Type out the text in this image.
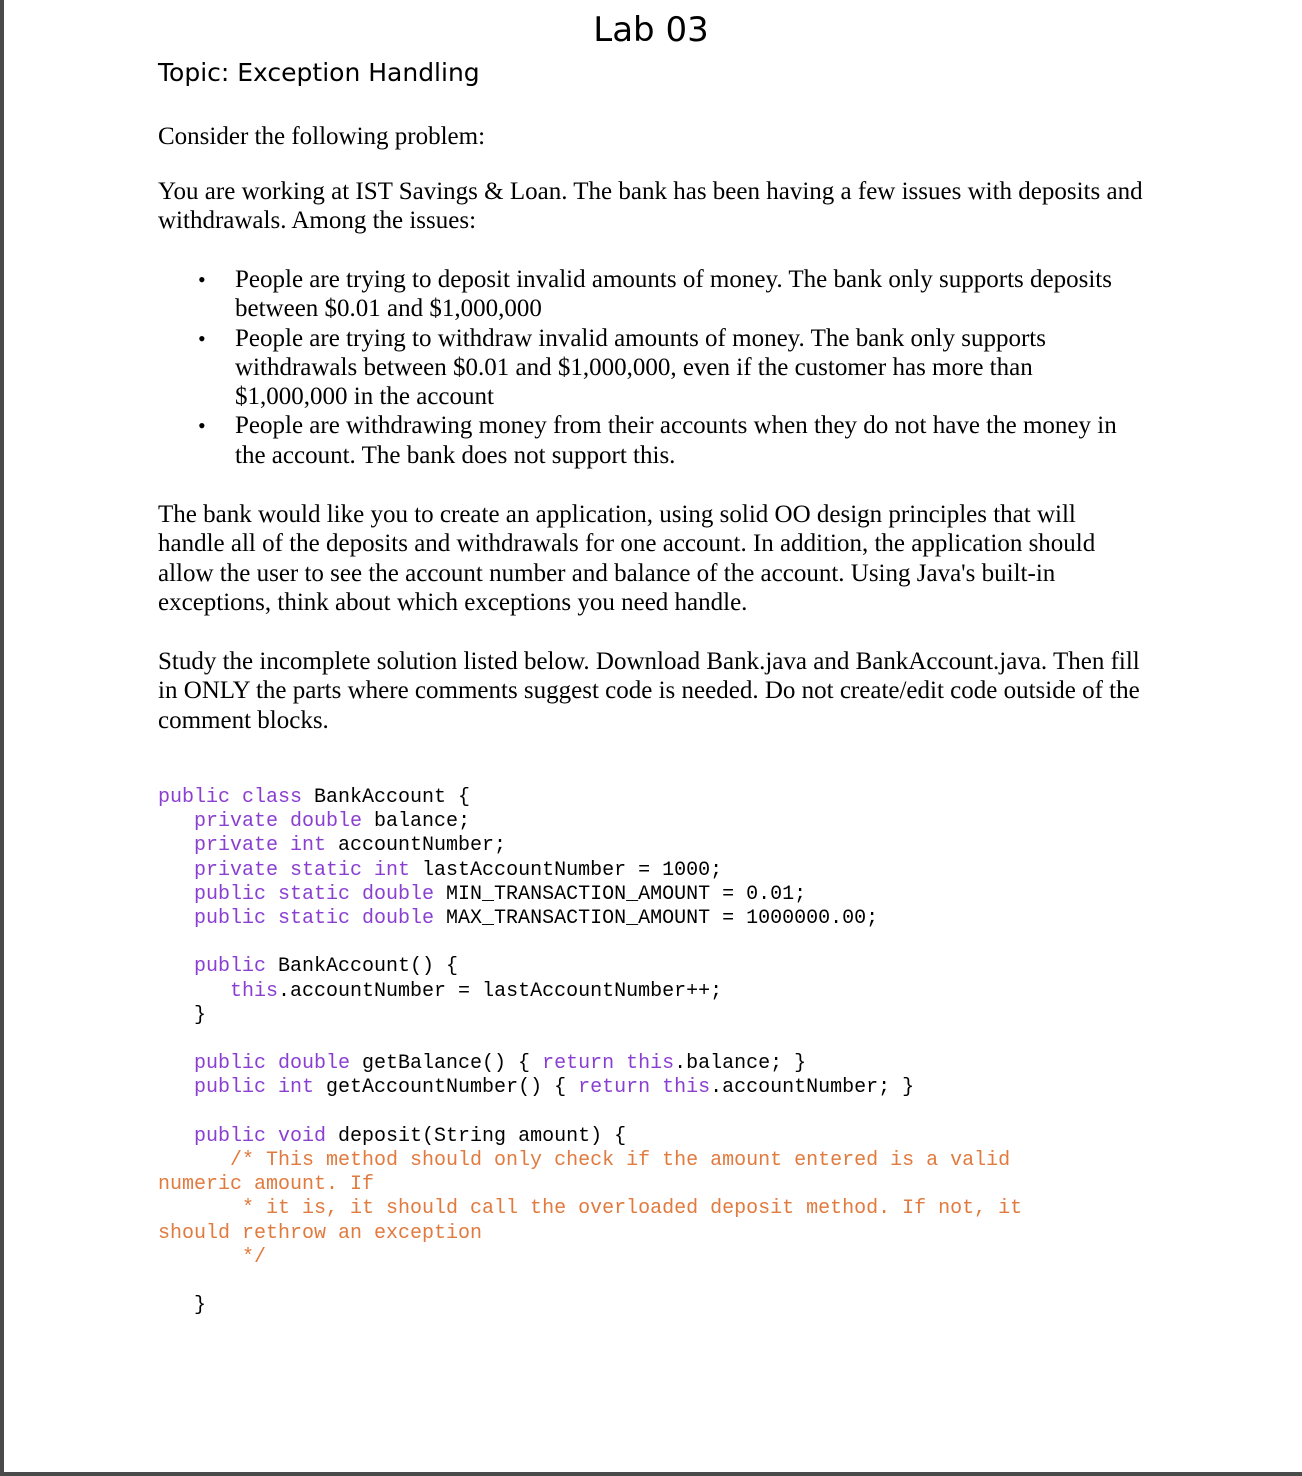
Lab 03
Topic: Exception Handling
Consider the following problem:
You are working at IST Savings & Loan. The bank has been having a few issues with deposits and withdrawals. Among the issues:
• People are trying to deposit invalid amounts of money. The bank only supports deposits between $0.01 and $1,000,000
• People are trying to withdraw invalid amounts of money. The bank only supports withdrawals between $0.01 and $1,000,000, even if the customer has more than $1,000,000 in the account
• People are withdrawing money from their accounts when they do not have the money in the account. The bank does not support this.
The bank would like you to create an application, using solid OO design principles that will handle all of the deposits and withdrawals for one account. In addition, the application should allow the user to see the account number and balance of the account. Using Java's built-in exceptions, think about which exceptions you need handle.
Study the incomplete solution listed below. Download Bank.java and BankAccount.java. Then fill in ONLY the parts where comments suggest code is needed. Do not create/edit code outside of the comment blocks.
public class BankAccount {
private double balance;
private int accountNumber;
private static int lastAccountNumber = 1000;
public static double MIN_TRANSACTION_AMOUNT = 0.01;
public static double MAX_TRANSACTION_AMOUNT = 1000000.00;

public BankAccount() {
this.accountNumber = lastAccountNumber++;
}

public double getBalance() { return this.balance; }
public int getAccountNumber() { return this.accountNumber; }

public void deposit(String amount) {
/* This method should only check if the amount entered is a valid
numeric amount. If
* it is, it should call the overloaded deposit method. If not, it
should rethrow an exception
*/

}
